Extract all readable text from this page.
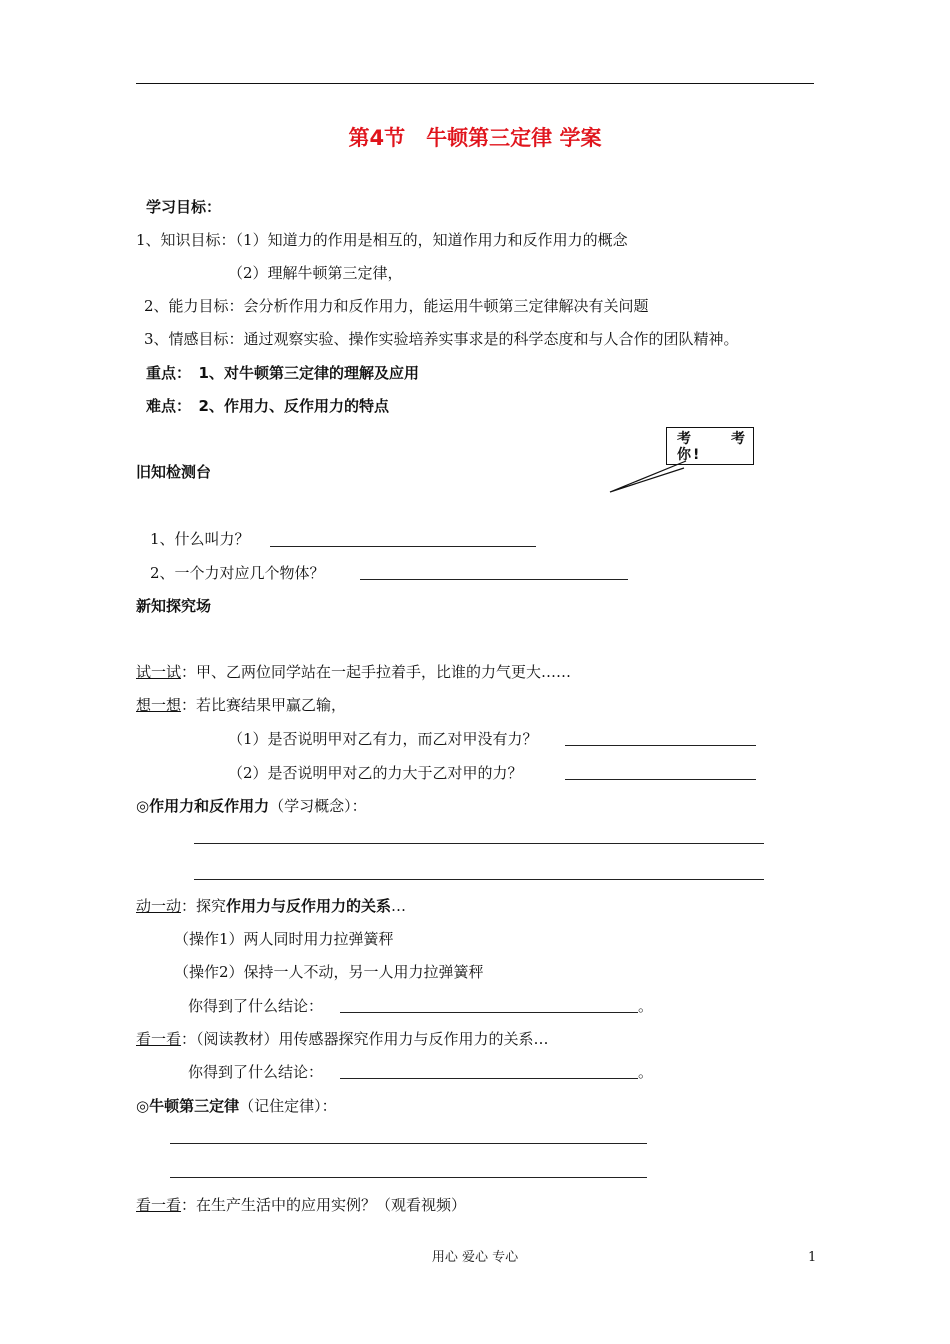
第4节　牛顿第三定律 学案
学习目标：
1、知识目标：（1）知道力的作用是相互的，知道作用力和反作用力的概念
（2）理解牛顿第三定律，
2、能力目标：会分析作用力和反作用力，能运用牛顿第三定律解决有关问题
3、情感目标：通过观察实验、操作实验培养实事求是的科学态度和与人合作的团队精神。
重点：　1、对牛顿第三定律的理解及应用
难点：　2、作用力、反作用力的特点
考　考你!
旧知检测台
1、什么叫力？
2、一个力对应几个物体？
新知探究场
试一试：甲、乙两位同学站在一起手拉着手，比谁的力气更大……
想一想：若比赛结果甲赢乙输，
（1）是否说明甲对乙有力，而乙对甲没有力？
（2）是否说明甲对乙的力大于乙对甲的力？
◎作用力和反作用力（学习概念）：
动一动：探究作用力与反作用力的关系…
（操作1）两人同时用力拉弹簧秤
（操作2）保持一人不动，另一人用力拉弹簧秤
你得到了什么结论：	。
看一看：（阅读教材）用传感器探究作用力与反作用力的关系…
你得到了什么结论：	。
◎牛顿第三定律（记住定律）：
看一看：在生产生活中的应用实例？（观看视频）
用心 爱心 专心	1
